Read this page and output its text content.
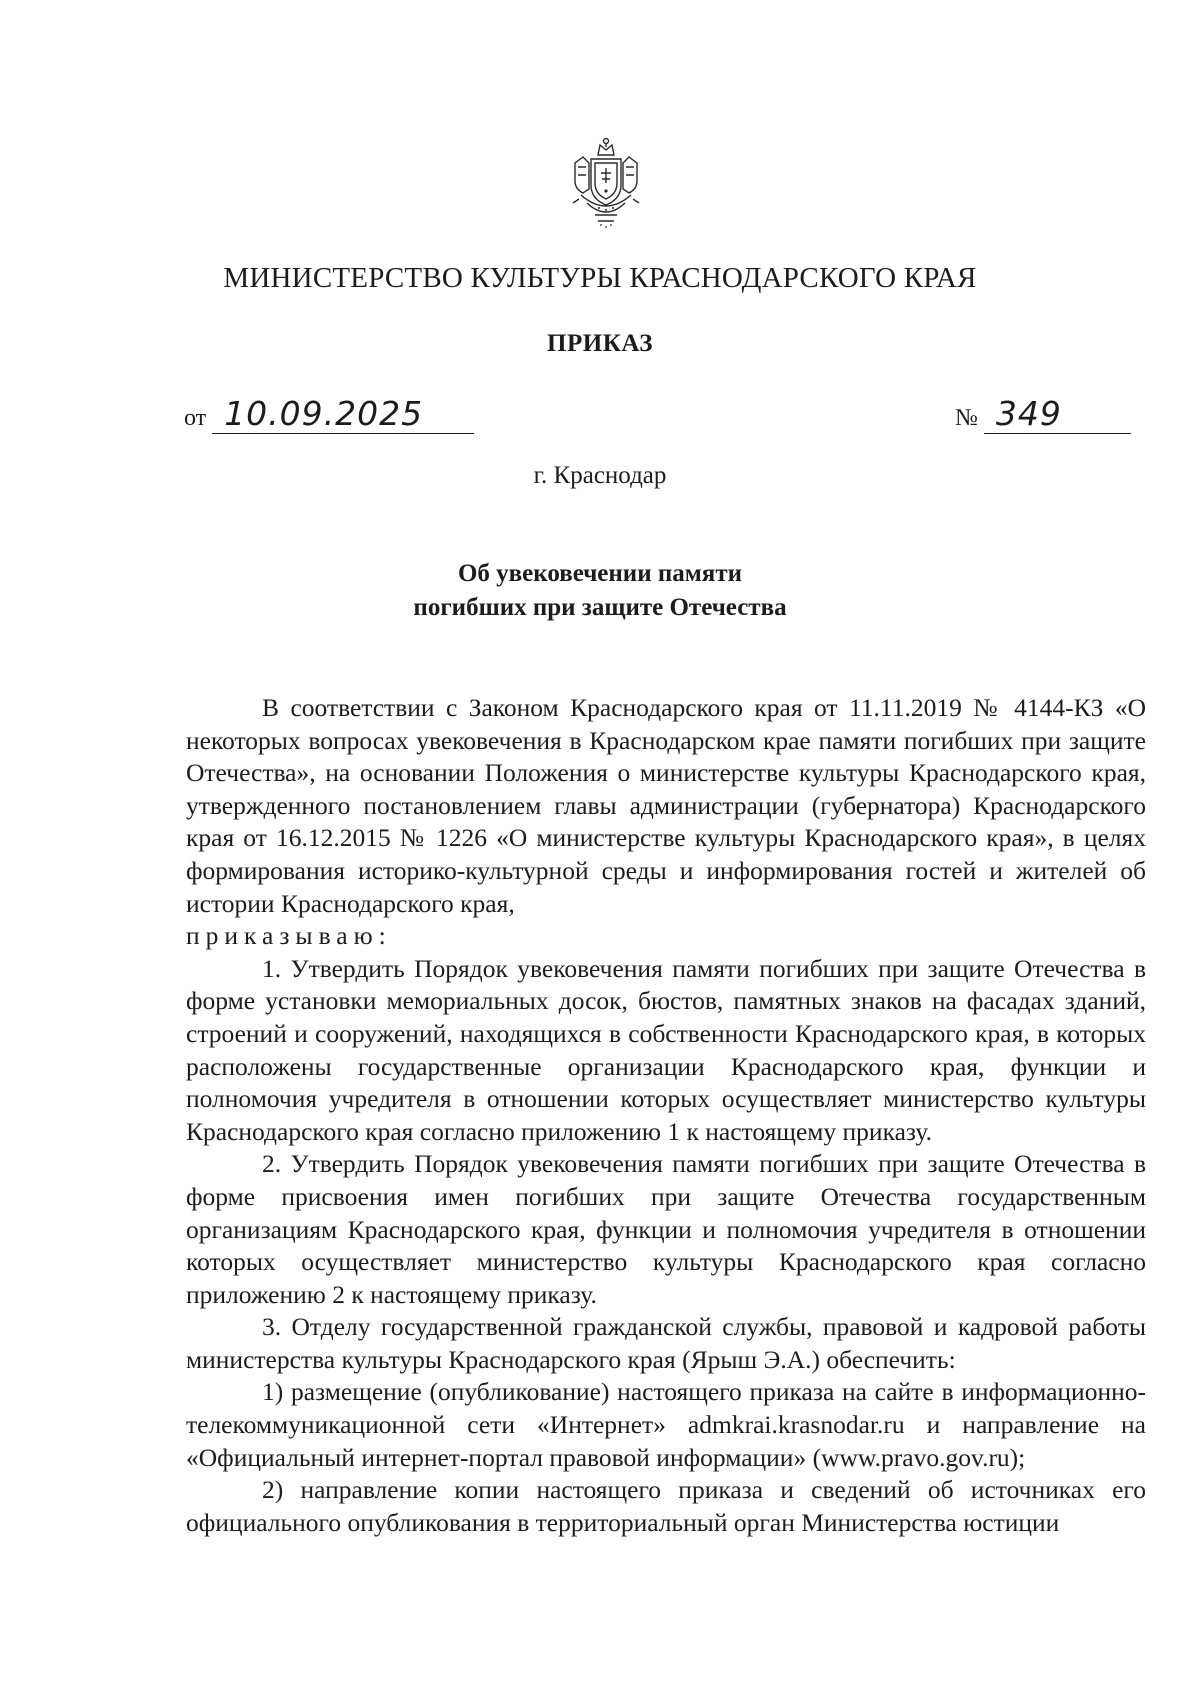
МИНИСТЕРСТВО КУЛЬТУРЫ КРАСНОДАРСКОГО КРАЯ
ПРИКАЗ
от 10.09.2025	№ 349
г. Краснодар
Об увековечении памяти
погибших при защите Отечества

В соответствии с Законом Краснодарского края от 11.11.2019 № 4144-КЗ «О некоторых вопросах увековечения в Краснодарском крае памяти погибших при защите Отечества», на основании Положения о министерстве культуры Краснодарского края, утвержденного постановлением главы администрации (губернатора) Краснодарского края от 16.12.2015 № 1226 «О министерстве культуры Краснодарского края», в целях формирования историко-культурной среды и информирования гостей и жителей об истории Краснодарского края,

приказываю:

1. Утвердить Порядок увековечения памяти погибших при защите Отечества в форме установки мемориальных досок, бюстов, памятных знаков на фасадах зданий, строений и сооружений, находящихся в собственности Краснодарского края, в которых расположены государственные организации Краснодарского края, функции и полномочия учредителя в отношении которых осуществляет министерство культуры Краснодарского края согласно приложению 1 к настоящему приказу.

2. Утвердить Порядок увековечения памяти погибших при защите Отечества в форме присвоения имен погибших при защите Отечества государственным организациям Краснодарского края, функции и полномочия учредителя в отношении которых осуществляет министерство культуры Краснодарского края согласно приложению 2 к настоящему приказу.

3. Отделу государственной гражданской службы, правовой и кадровой работы министерства культуры Краснодарского края (Ярыш Э.А.) обеспечить:

1) размещение (опубликование) настоящего приказа на сайте в информационно-телекоммуникационной сети «Интернет» admkrai.krasnodar.ru и направление на «Официальный интернет-портал правовой информации» (www.pravo.gov.ru);

2) направление копии настоящего приказа и сведений об источниках его официального опубликования в территориальный орган Министерства юстиции
